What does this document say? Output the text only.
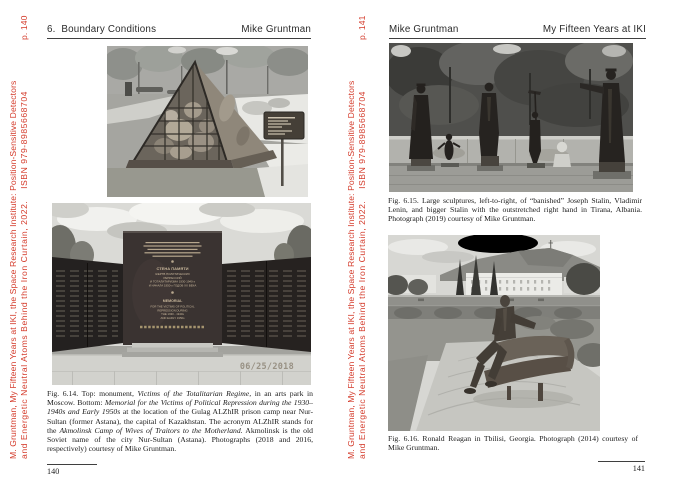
M. Gruntman, My Fifteen Years at IKI, the Space Research Institute: Position-Sensitive Detectors and Energetic Neutral Atoms Behind the Iron Curtain, 2022.    ISBN 979-8985668704
p. 140 6.  Boundary Conditions	Mike Gruntman
СТЕНА ПАМЯТИ
ЖЕРТВ ПОЛИТИЧЕСКИХ
РЕПРЕССИЙ
И ТОТАЛИТАРИЗМА 1930-1940-х
И НАЧАЛА 1950-х ГОДОВ XX ВЕКА
MEMORIAL
FOR THE VICTIMS OF POLITICAL
REPRESSION DURING
THE 1930 - 1940s
AND EARLY 1950s
06/25/2018
Fig. 6.14. Top: monument, Victims of the Totalitarian Regime, in an arts park in Moscow. Bottom: Memorial for the Victims of Political Repression during the 1930–1940s and Early 1950s at the location of the Gulag ALZhIR prison camp near Nur-Sultan (former Astana), the capital of Kazakhstan. The acronym ALZhIR stands for the Akmolinsk Camp of Wives of Traitors to the Motherland. Akmolinsk is the old Soviet name of the city Nur-Sultan (Astana). Photographs (2018 and 2016, respectively) courtesy of Mike Gruntman.
140
M. Gruntman, My Fifteen Years at IKI, the Space Research Institute: Position-Sensitive Detectors and Energetic Neutral Atoms Behind the Iron Curtain, 2022.    ISBN 979-8985668704
p. 141 Mike Gruntman	My Fifteen Years at IKI
Fig. 6.15. Large sculptures, left-to-right, of “banished” Joseph Stalin, Vladimir Lenin, and bigger Stalin with the outstretched right hand in Tirana, Albania. Photograph (2019) courtesy of Mike Gruntman.
Fig. 6.16. Ronald Reagan in Tbilisi, Georgia. Photograph (2014) courtesy of Mike Gruntman.
141
